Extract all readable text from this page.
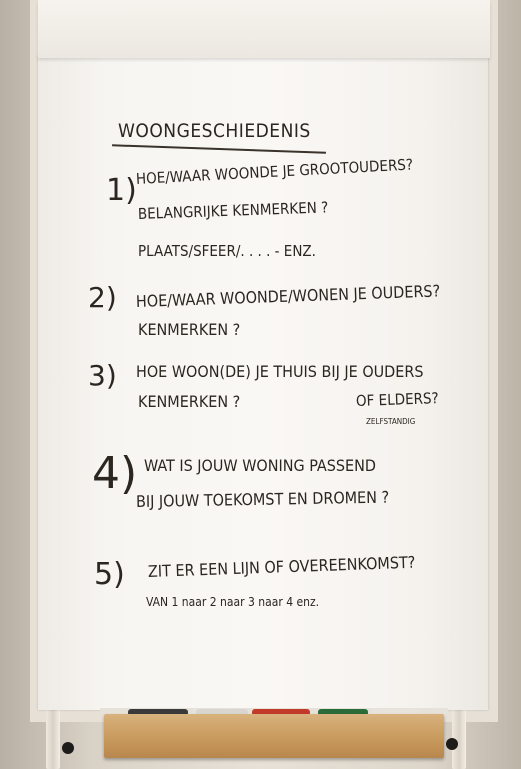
WOONGESCHIEDENIS
1)
HOE/WAAR WOONDE JE GROOTOUDERS?
BELANGRIJKE KENMERKEN ?
PLAATS/SFEER/. . . . - ENZ.
2) HOE/WAAR WOONDE/WONEN JE OUDERS?
KENMERKEN ?
3) HOE WOON(DE) JE THUIS BIJ JE OUDERS
KENMERKEN ?	OF ELDERS?
ZELFSTANDIG
4) WAT IS JOUW WONING PASSEND
BIJ JOUW TOEKOMST EN DROMEN ?
5) ZIT ER EEN LIJN OF OVEREENKOMST?
VAN 1 naar 2 naar 3 naar 4 enz.
